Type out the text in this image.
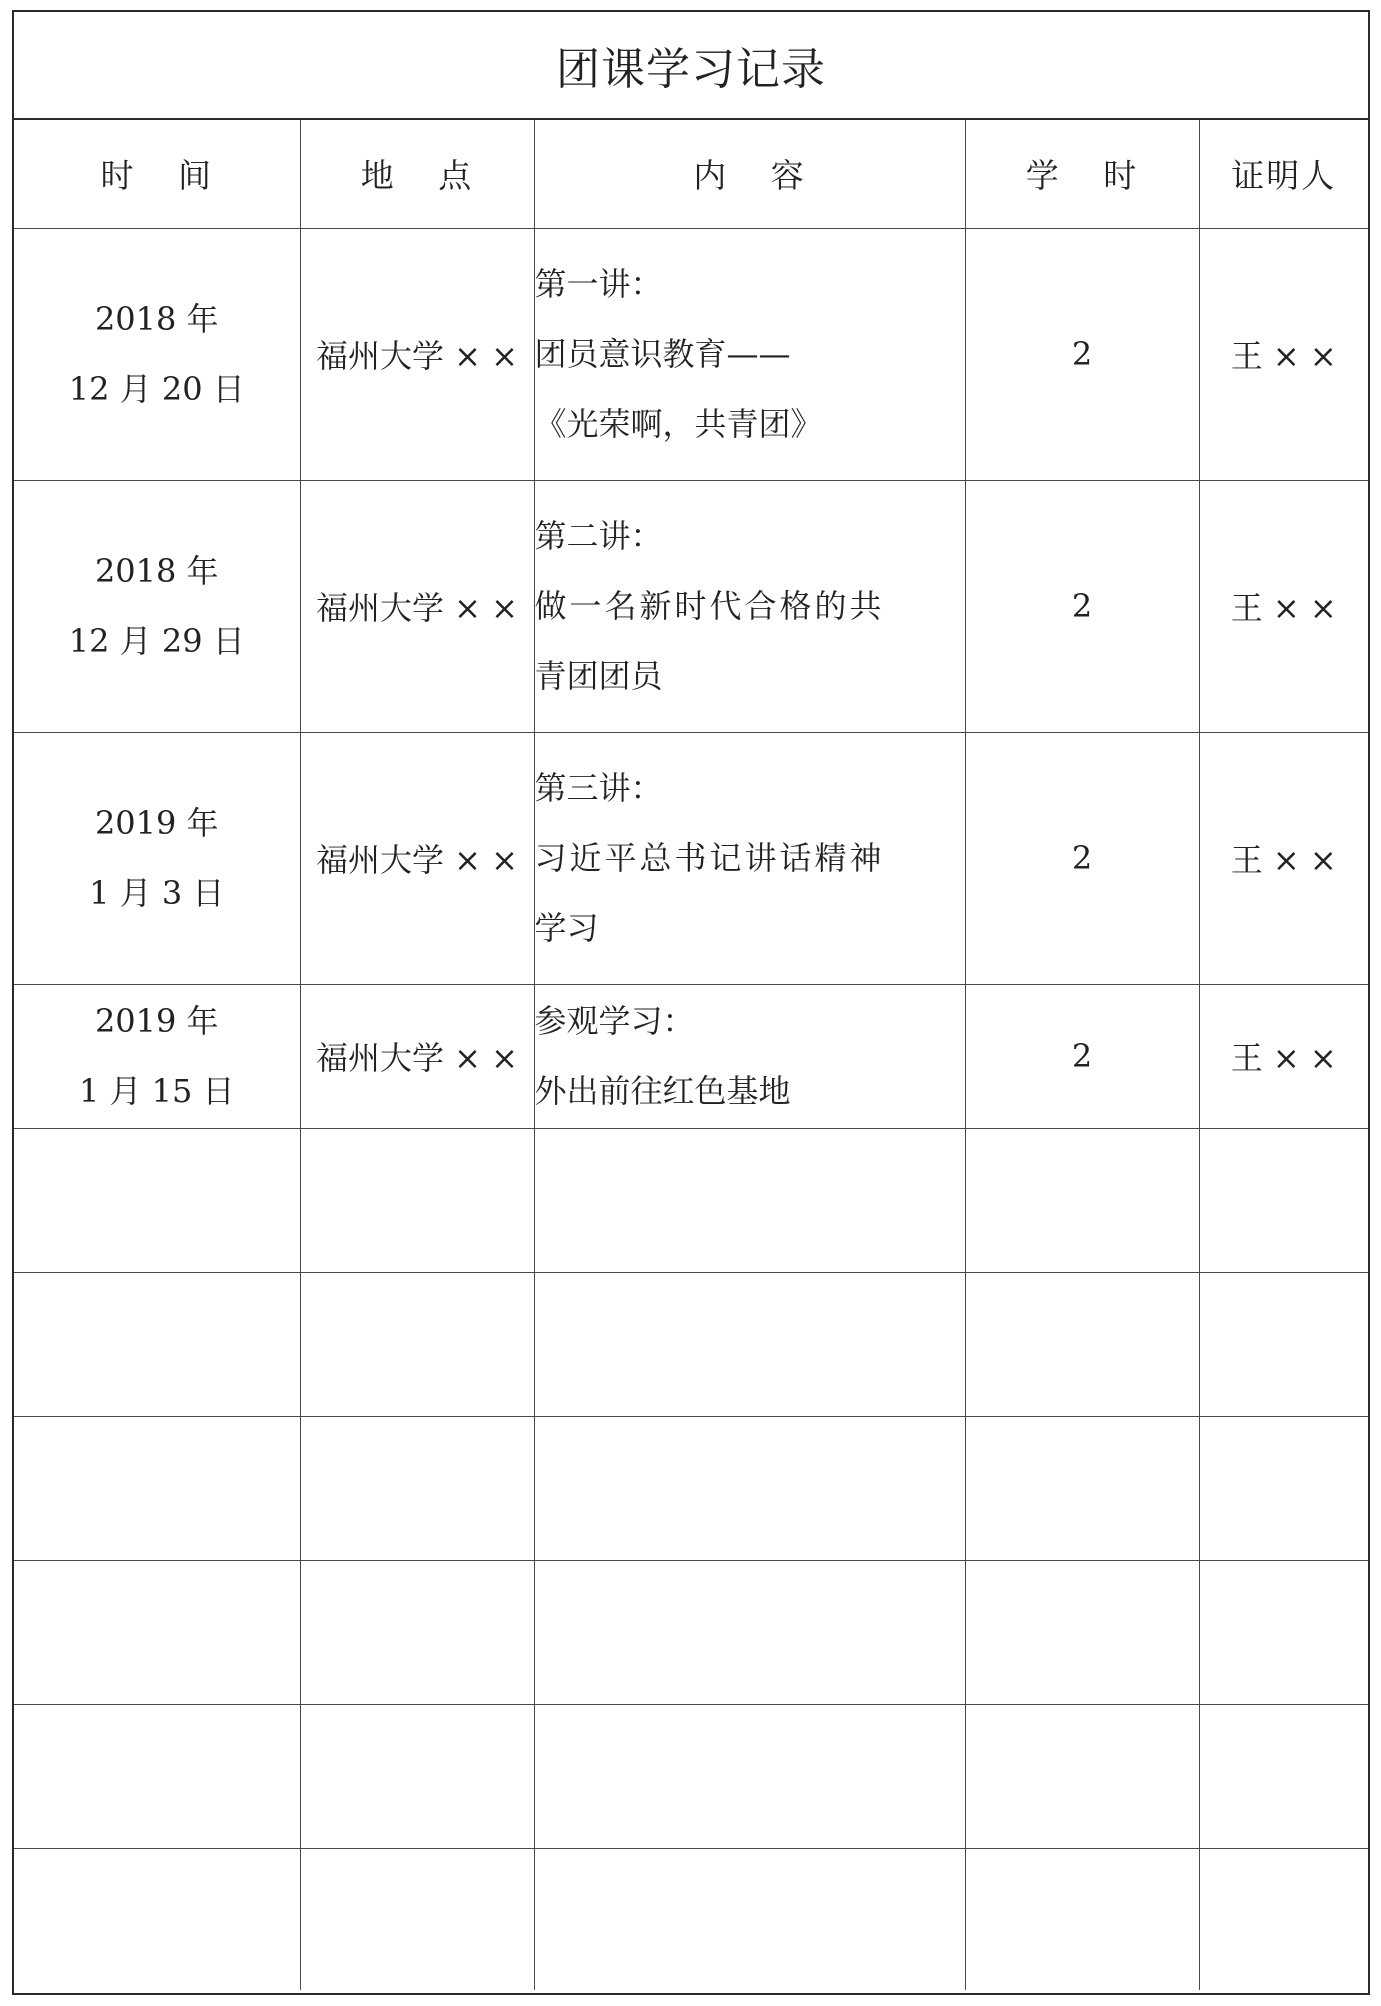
团课学习记录
时 间	地 点	内 容	学 时	证明人

2018 年
12 月 20 日	福州大学 × ×	第一讲：
团员意识教育——
《光荣啊，共青团》	2	王 × ×

2018 年
12 月 29 日	福州大学 × ×	第二讲：
做一名新时代合格的共
青团团员	2	王 × ×

2019 年
1 月 3 日	福州大学 × ×	第三讲：
习近平总书记讲话精神
学习	2	王 × ×

2019 年
1 月 15 日	福州大学 × ×	参观学习：
外出前往红色基地	2	王 × ×
